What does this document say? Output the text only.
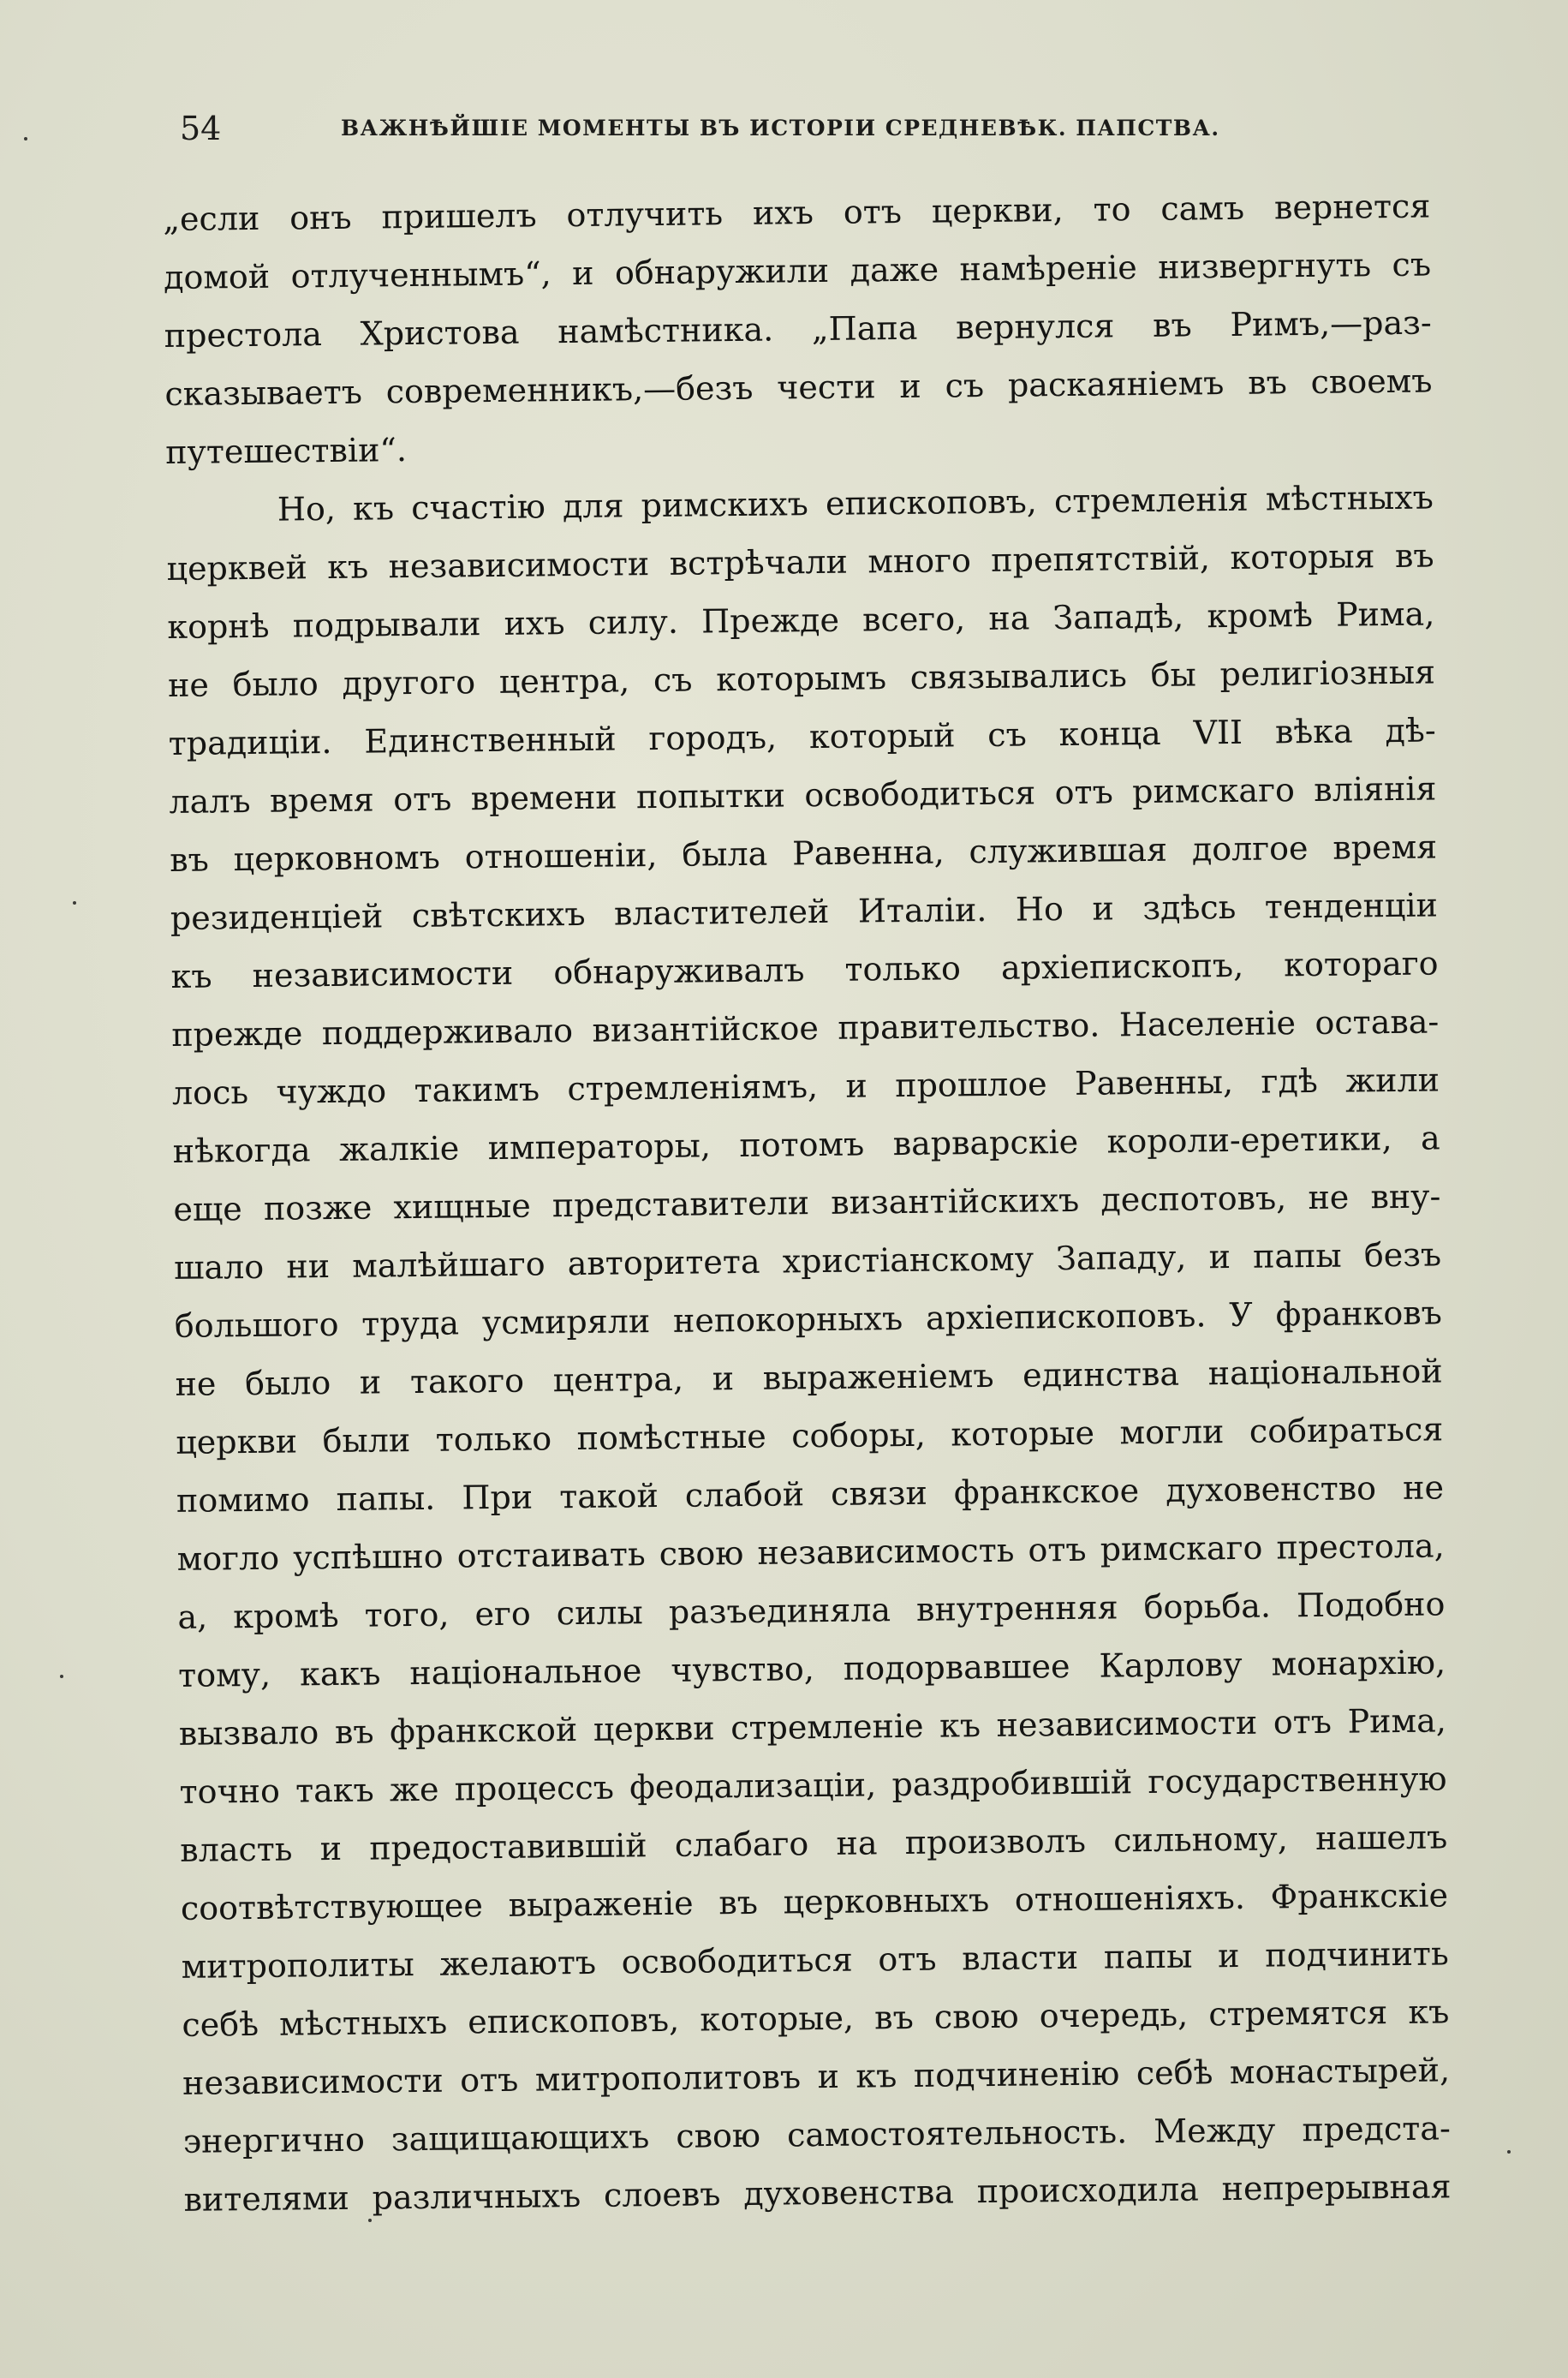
54	ВАЖНѢЙШІЕ МОМЕНТЫ ВЪ ИСТОРІИ СРЕДНЕВѢК. ПАПСТВА.
„если онъ пришелъ отлучить ихъ отъ церкви, то самъ вернется
домой отлученнымъ“, и обнаружили даже намѣреніе низвергнуть съ
престола Христова намѣстника. „Папа вернулся въ Римъ,—раз-
сказываетъ современникъ,—безъ чести и съ раскаяніемъ въ своемъ
путешествіи“.
Но, къ счастію для римскихъ епископовъ, стремленія мѣстныхъ
церквей къ независимости встрѣчали много препятствій, которыя въ
корнѣ подрывали ихъ силу. Прежде всего, на Западѣ, кромѣ Рима,
не было другого центра, съ которымъ связывались бы религіозныя
традиціи. Единственный городъ, который съ конца VII вѣка дѣ-
лалъ время отъ времени попытки освободиться отъ римскаго вліянія
въ церковномъ отношеніи, была Равенна, служившая долгое время
резиденціей свѣтскихъ властителей Италіи. Но и здѣсь тенденціи
къ независимости обнаруживалъ только архіепископъ, котораго
прежде поддерживало византійское правительство. Населеніе остава-
лось чуждо такимъ стремленіямъ, и прошлое Равенны, гдѣ жили
нѣкогда жалкіе императоры, потомъ варварскіе короли-еретики, а
еще позже хищные представители византійскихъ деспотовъ, не вну-
шало ни малѣйшаго авторитета христіанскому Западу, и папы безъ
большого труда усмиряли непокорныхъ архіепископовъ. У франковъ
не было и такого центра, и выраженіемъ единства національной
церкви были только помѣстные соборы, которые могли собираться
помимо папы. При такой слабой связи франкское духовенство не
могло успѣшно отстаивать свою независимость отъ римскаго престола,
а, кромѣ того, его силы разъединяла внутренняя борьба. Подобно
тому, какъ національное чувство, подорвавшее Карлову монархію,
вызвало въ франкской церкви стремленіе къ независимости отъ Рима,
точно такъ же процессъ феодализаціи, раздробившій государственную
власть и предоставившій слабаго на произволъ сильному, нашелъ
соотвѣтствующее выраженіе въ церковныхъ отношеніяхъ. Франкскіе
митрополиты желаютъ освободиться отъ власти папы и подчинить
себѣ мѣстныхъ епископовъ, которые, въ свою очередь, стремятся къ
независимости отъ митрополитовъ и къ подчиненію себѣ монастырей,
энергично защищающихъ свою самостоятельность. Между предста-
вителями различныхъ слоевъ духовенства происходила непрерывная
